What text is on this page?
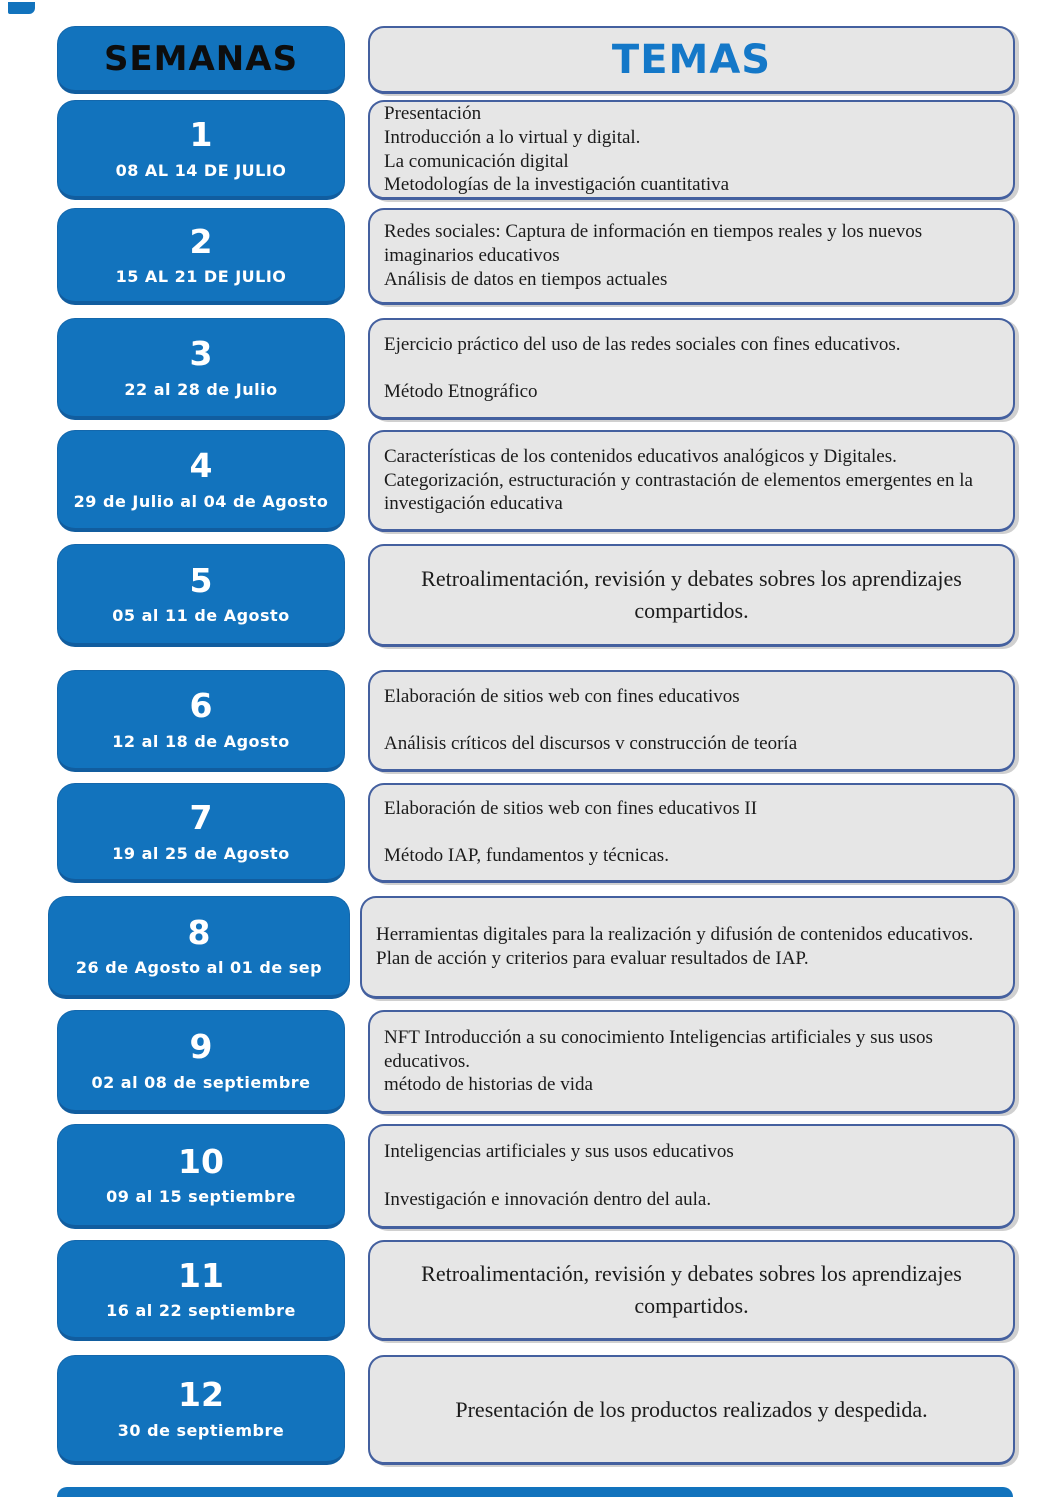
SEMANAS	TEMAS
1
08 AL 14 DE JULIO
Presentación
Introducción a lo virtual y digital.
La comunicación digital
Metodologías de la investigación cuantitativa
2
15 AL 21 DE JULIO
Redes sociales: Captura de información en tiempos reales y los nuevos imaginarios educativos
Análisis de datos en tiempos actuales
3
22 al 28 de Julio
Ejercicio práctico del uso de las redes sociales con fines educativos.
Método Etnográfico
4
29 de Julio al 04 de Agosto
Características de los contenidos educativos analógicos y Digitales.
Categorización, estructuración y contrastación de elementos emergentes en la investigación educativa
5
05 al 11 de Agosto
Retroalimentación, revisión y debates sobres los aprendizajes compartidos.
6
12 al 18 de Agosto
Elaboración de sitios web con fines educativos
Análisis críticos del discursos v construcción de teoría
7
19 al 25 de Agosto
Elaboración de sitios web con fines educativos II
Método IAP, fundamentos y técnicas.
8
26 de Agosto al 01 de sep
Herramientas digitales para la realización y difusión de contenidos educativos.
Plan de acción y criterios para evaluar resultados de IAP.
9
02 al 08 de septiembre
NFT Introducción a su conocimiento Inteligencias artificiales y sus usos educativos.
método de historias de vida
10
09 al 15 septiembre
Inteligencias artificiales y sus usos educativos
Investigación e innovación dentro del aula.
11
16 al 22 septiembre
Retroalimentación, revisión y debates sobres los aprendizajes compartidos.
12
30 de septiembre
Presentación de los productos realizados y despedida.
